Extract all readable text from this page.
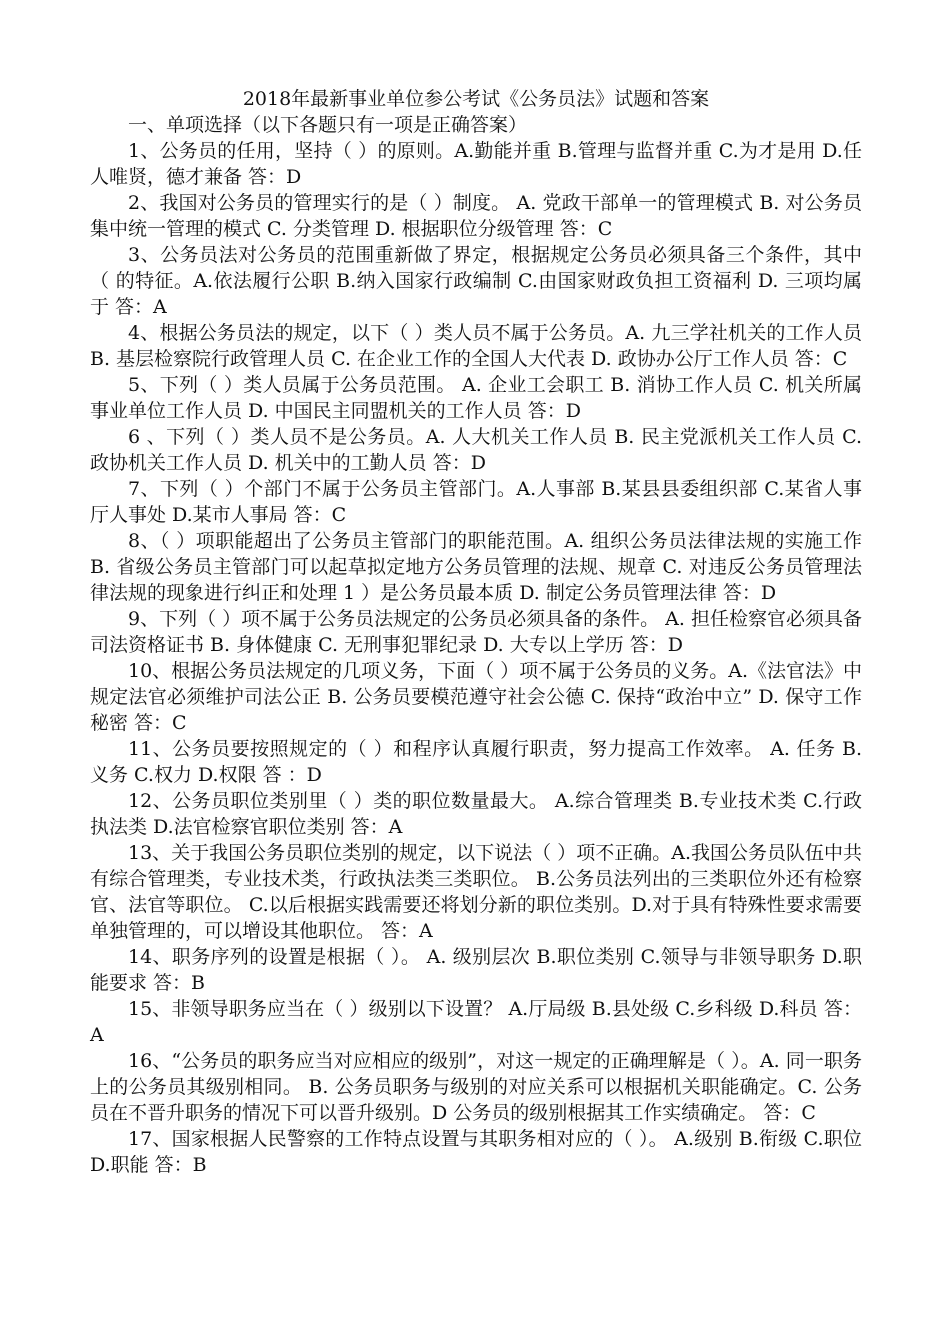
2018年最新事业单位参公考试《公务员法》试题和答案

一、单项选择（以下各题只有一项是正确答案）

1、公务员的任用，坚持（ ）的原则。A.勤能并重 B.管理与监督并重 C.为才是用 D.任人唯贤，德才兼备 答：D

2、我国对公务员的管理实行的是（ ）制度。 A. 党政干部单一的管理模式 B. 对公务员集中统一管理的模式 C. 分类管理 D. 根据职位分级管理 答：C

3、公务员法对公务员的范围重新做了界定，根据规定公务员必须具备三个条件，其中（ 的特征。A.依法履行公职 B.纳入国家行政编制 C.由国家财政负担工资福利 D. 三项均属于 答：A

4、根据公务员法的规定，以下（ ）类人员不属于公务员。A. 九三学社机关的工作人员 B. 基层检察院行政管理人员 C. 在企业工作的全国人大代表 D. 政协办公厅工作人员 答：C

5、下列（ ）类人员属于公务员范围。 A. 企业工会职工 B. 消协工作人员 C. 机关所属事业单位工作人员 D. 中国民主同盟机关的工作人员 答：D

6 、下列（ ）类人员不是公务员。A. 人大机关工作人员 B. 民主党派机关工作人员 C. 政协机关工作人员 D. 机关中的工勤人员 答：D

7、下列（ ）个部门不属于公务员主管部门。A.人事部 B.某县县委组织部 C.某省人事厅人事处 D.某市人事局 答：C

8、（ ）项职能超出了公务员主管部门的职能范围。A. 组织公务员法律法规的实施工作 B. 省级公务员主管部门可以起草拟定地方公务员管理的法规、规章 C. 对违反公务员管理法律法规的现象进行纠正和处理 1 ）是公务员最本质 D. 制定公务员管理法律 答：D

9、下列（ ）项不属于公务员法规定的公务员必须具备的条件。 A. 担任检察官必须具备司法资格证书 B. 身体健康 C. 无刑事犯罪纪录 D. 大专以上学历 答：D

10、根据公务员法规定的几项义务，下面（ ）项不属于公务员的义务。A.《法官法》中规定法官必须维护司法公正 B. 公务员要模范遵守社会公德 C. 保持“政治中立” D. 保守工作秘密 答：C

11、公务员要按照规定的（ ）和程序认真履行职责，努力提高工作效率。 A. 任务 B.义务 C.权力 D.权限 答 ：D

12、公务员职位类别里（ ）类的职位数量最大。 A.综合管理类 B.专业技术类 C.行政执法类 D.法官检察官职位类别 答：A

13、关于我国公务员职位类别的规定，以下说法（ ）项不正确。A.我国公务员队伍中共有综合管理类，专业技术类，行政执法类三类职位。 B.公务员法列出的三类职位外还有检察官、法官等职位。 C.以后根据实践需要还将划分新的职位类别。D.对于具有特殊性要求需要单独管理的，可以增设其他职位。 答：A

14、职务序列的设置是根据（ ）。 A. 级别层次 B.职位类别 C.领导与非领导职务 D.职能要求 答：B

15、非领导职务应当在（ ）级别以下设置？ A.厅局级 B.县处级 C.乡科级 D.科员 答：A

16、“公务员的职务应当对应相应的级别”，对这一规定的正确理解是（ ）。A. 同一职务上的公务员其级别相同。 B. 公务员职务与级别的对应关系可以根据机关职能确定。C. 公务员在不晋升职务的情况下可以晋升级别。D 公务员的级别根据其工作实绩确定。 答：C

17、国家根据人民警察的工作特点设置与其职务相对应的（ ）。 A.级别 B.衔级 C.职位 D.职能 答：B
